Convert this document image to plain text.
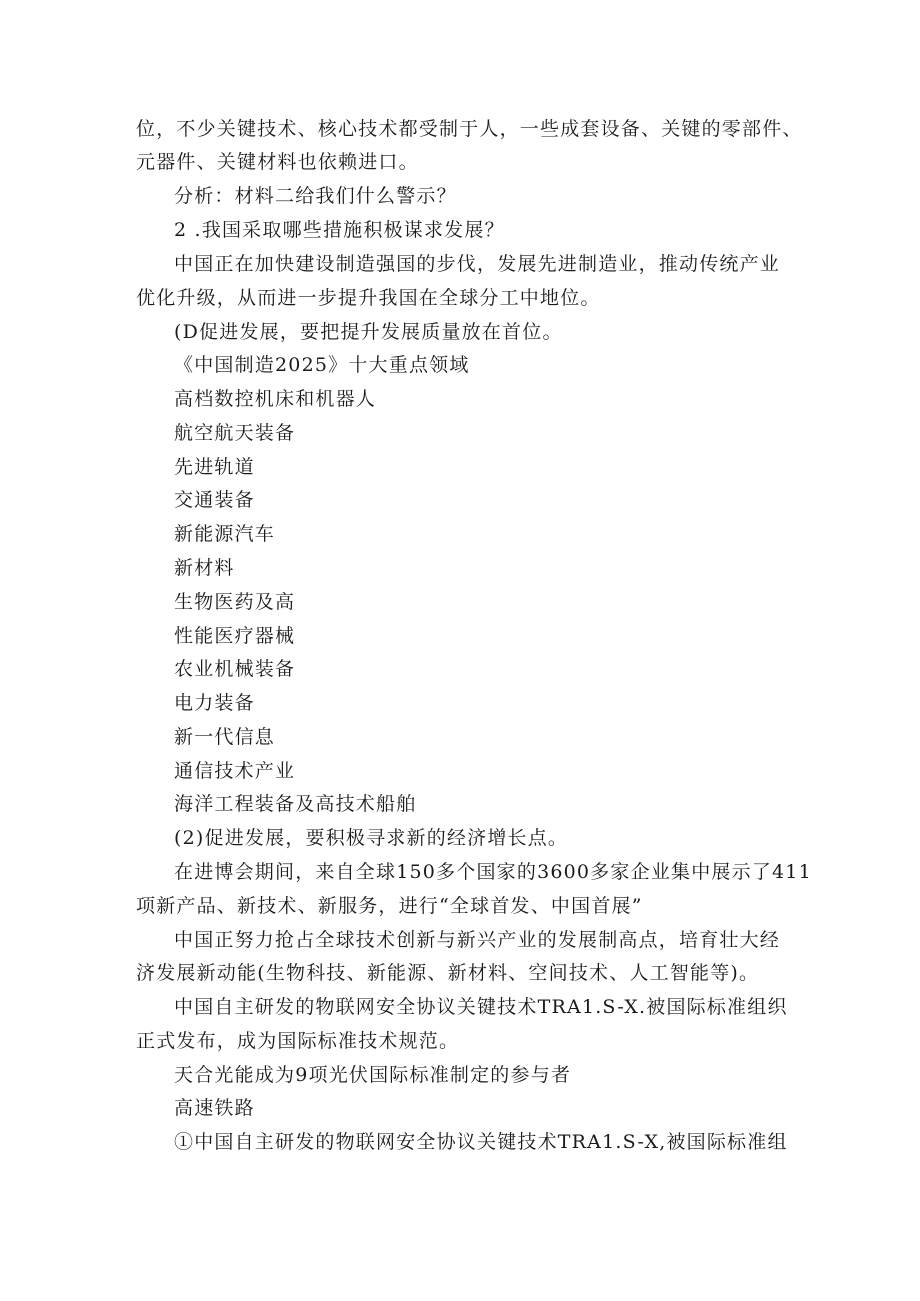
位，不少关键技术、核心技术都受制于人，一些成套设备、关键的零部件、
元器件、关键材料也依赖进口。
分析：材料二给我们什么警示？
2 .我国采取哪些措施积极谋求发展？
中国正在加快建设制造强国的步伐，发展先进制造业，推动传统产业
优化升级，从而进一步提升我国在全球分工中地位。
(D促进发展，要把提升发展质量放在首位。
《中国制造2025》十大重点领域
高档数控机床和机器人
航空航天装备
先进轨道
交通装备
新能源汽车
新材料
生物医药及高
性能医疗器械
农业机械装备
电力装备
新一代信息
通信技术产业
海洋工程装备及高技术船舶
(2)促进发展，要积极寻求新的经济增长点。
在进博会期间，来自全球150多个国家的3600多家企业集中展示了411
项新产品、新技术、新服务，进行“全球首发、中国首展”
中国正努力抢占全球技术创新与新兴产业的发展制高点，培育壮大经
济发展新动能(生物科技、新能源、新材料、空间技术、人工智能等)。
中国自主研发的物联网安全协议关键技术TRA1.S-X.被国际标准组织
正式发布，成为国际标准技术规范。
天合光能成为9项光伏国际标准制定的参与者
高速铁路
①中国自主研发的物联网安全协议关键技术TRA1.S-X,被国际标准组
